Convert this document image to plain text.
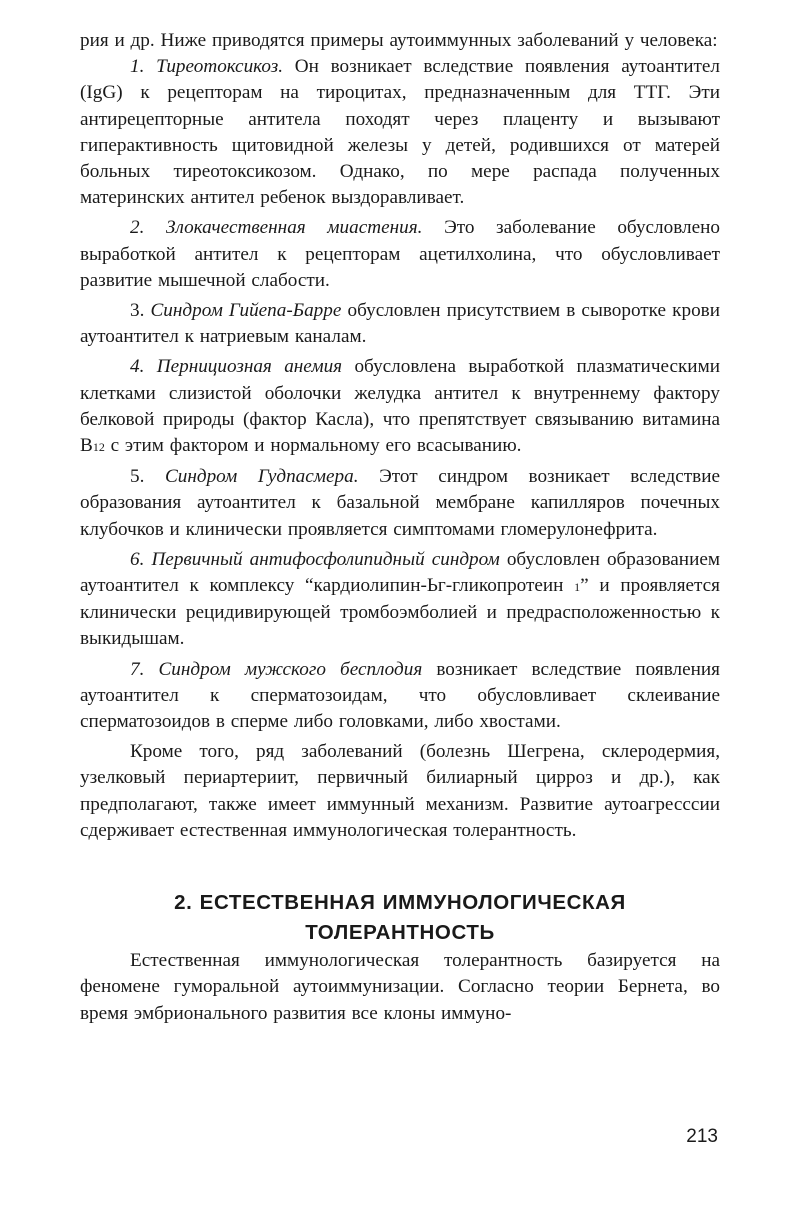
рия и др. Ниже приводятся примеры аутоиммунных заболеваний у человека:

1. Тиреотоксикоз. Он возникает вследствие появления аутоантител (IgG) к рецепторам на тироцитах, предназначенным для ТТГ. Эти антирецепторные антитела походят через плаценту и вызывают гиперактивность щитовидной железы у детей, родившихся от матерей больных тиреотоксикозом. Однако, по мере распада полученных материнских антител ребенок выздоравливает.

2. Злокачественная миастения. Это заболевание обусловлено выработкой антител к рецепторам ацетилхолина, что обусловливает развитие мышечной слабости.

3. Синдром Гийепа-Барре обусловлен присутствием в сыворотке крови аутоантител к натриевым каналам.

4. Пернициозная анемия обусловлена выработкой плазматическими клетками слизистой оболочки желудка антител к внутреннему фактору белковой природы (фактор Касла), что препятствует связыванию витамина В12 с этим фактором и нормальному его всасыванию.

5. Синдром Гудпасмера. Этот синдром возникает вследствие образования аутоантител к базальной мембране капилляров почечных клубочков и клинически проявляется симптомами гломерулонефрита.

6. Первичный антифосфолипидный синдром обусловлен образованием аутоантител к комплексу “кардиолипин-Ьг-гликопротеин 1” и проявляется клинически рецидивирующей тромбоэмболией и предрасположенностью к выкидышам.

7. Синдром мужского бесплодия возникает вследствие появления аутоантител к сперматозоидам, что обусловливает склеивание сперматозоидов в сперме либо головками, либо хвостами.

Кроме того, ряд заболеваний (болезнь Шегрена, склеродермия, узелковый периартериит, первичный билиарный цирроз и др.), как предполагают, также имеет иммунный механизм. Развитие аутоагресссии сдерживает естественная иммунологическая толерантность.

2. ЕСТЕСТВЕННАЯ ИММУНОЛОГИЧЕСКАЯ
ТОЛЕРАНТНОСТЬ

Естественная иммунологическая толерантность базируется на феномене гуморальной аутоиммунизации. Согласно теории Бернета, во время эмбрионального развития все клоны иммуно-

213
